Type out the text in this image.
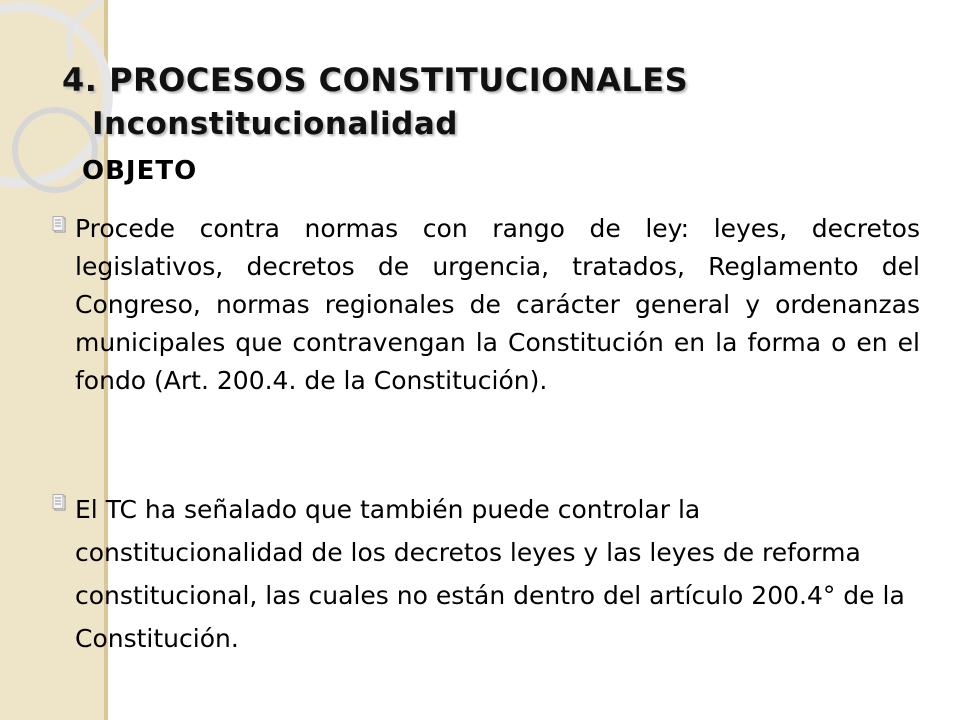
4. PROCESOS CONSTITUCIONALES
Inconstitucionalidad
OBJETO
Procede contra normas con rango de ley: leyes, decretos legislativos, decretos de urgencia, tratados, Reglamento del Congreso, normas regionales de carácter general y ordenanzas municipales que contravengan la Constitución en la forma o en el fondo (Art. 200.4. de la Constitución).
El TC ha señalado que también puede controlar la constitucionalidad de los decretos leyes y las leyes de reforma constitucional, las cuales no están dentro del artículo 200.4° de la Constitución.
